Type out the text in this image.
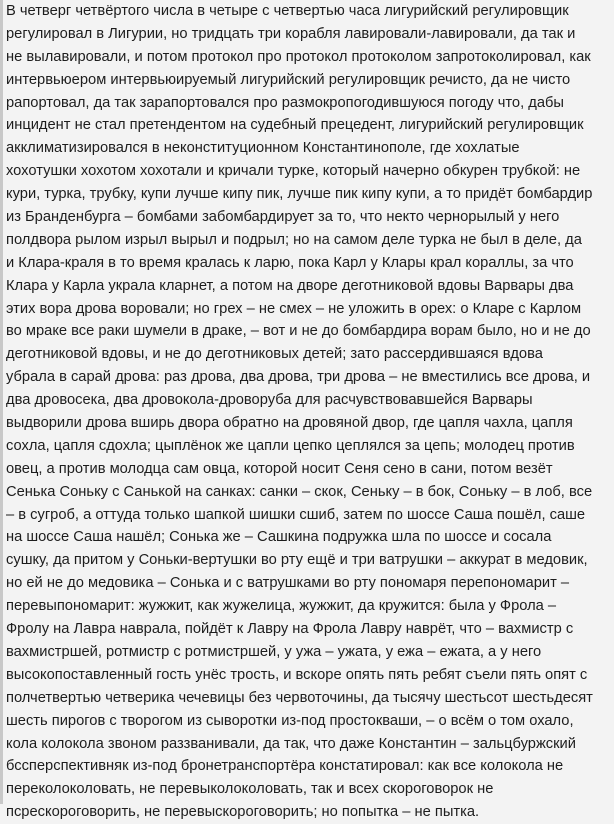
В четверг четвёртого числа в четыре с четвертью часа лигурийский регулировщик
регулировал в Лигурии, но тридцать три корабля лавировали-лавировали, да так и
не вылавировали, и потом протокол про протокол протоколом запротоколировал, как
интервьюером интервьюируемый лигурийский регулировщик речисто, да не чисто
рапортовал, да так зарапортовался про размокропогодившуюся погоду что, дабы
инцидент не стал претендентом на судебный прецедент, лигурийский регулировщик
акклиматизировался в неконституционном Константинополе, где хохлатые
хохотушки хохотом хохотали и кричали турке, который начерно обкурен трубкой: не
кури, турка, трубку, купи лучше кипу пик, лучше пик кипу купи, а то придёт бомбардир
из Бранденбурга – бомбами забомбардирует за то, что некто чернорылый у него
полдвора рылом изрыл вырыл и подрыл; но на самом деле турка не был в деле, да
и Клара-краля в то время кралась к ларю, пока Карл у Клары крал кораллы, за что
Клара у Карла украла кларнет, а потом на дворе деготниковой вдовы Варвары два
этих вора дрова воровали; но грех – не смех – не уложить в орех: о Кларе с Карлом
во мраке все раки шумели в драке, – вот и не до бомбардира ворам было, но и не до
деготниковой вдовы, и не до деготниковых детей; зато рассердившаяся вдова
убрала в сарай дрова: раз дрова, два дрова, три дрова – не вместились все дрова, и
два дровосека, два дровокола-дроворуба для расчувствовавшейся Варвары
выдворили дрова вширь двора обратно на дровяной двор, где цапля чахла, цапля
сохла, цапля сдохла; цыплёнок же цапли цепко цеплялся за цепь; молодец против
овец, а против молодца сам овца, которой носит Сеня сено в сани, потом везёт
Сенька Соньку с Санькой на санках: санки – скок, Сеньку – в бок, Соньку – в лоб, все
– в сугроб, а оттуда только шапкой шишки сшиб, затем по шоссе Саша пошёл, саше
на шоссе Саша нашёл; Сонька же – Сашкина подружка шла по шоссе и сосала
сушку, да притом у Соньки-вертушки во рту ещё и три ватрушки – аккурат в медовик,
но ей не до медовика – Сонька и с ватрушками во рту пономаря перепономарит –
перевыпономарит: жужжит, как жужелица, жужжит, да кружится: была у Фрола –
Фролу на Лавра наврала, пойдёт к Лавру на Фрола Лавру наврёт, что – вахмистр с
вахмистршей, ротмистр с ротмистршей, у ужа – ужата, у ежа – ежата, а у него
высокопоставленный гость унёс трость, и вскоре опять пять ребят съели пять опят с
полчетвертью четверика чечевицы без червоточины, да тысячу шестьсот шестьдесят
шесть пирогов с творогом из сыворотки из-под простокваши, – о всём о том охало,
кола колокола звоном раззванивали, да так, что даже Константин – зальцбуржский
бссперспективняк из-под бронетранспортёра констатировал: как все колокола не
переколоколовать, не перевыколоколовать, так и всех скороговорок не
пcрескороговорить, не перевыскороговорить; но попытка – не пытка.
